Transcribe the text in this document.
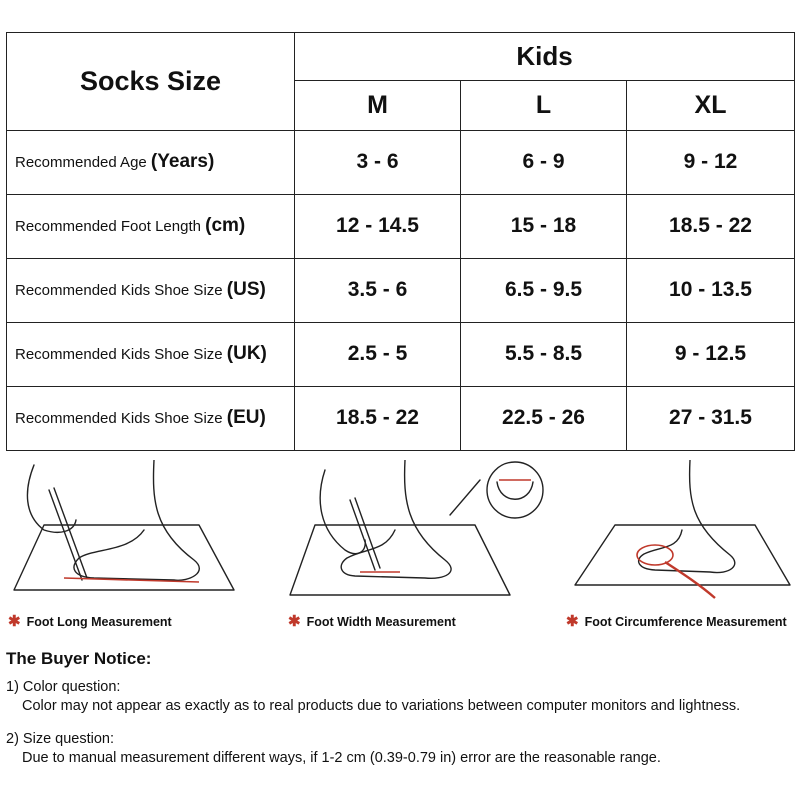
Socks Size	Kids		
	M	L	XL
Recommended Age (Years)	3 - 6	6 - 9	9 - 12
Recommended Foot Length (cm)	12 - 14.5	15 - 18	18.5 - 22
Recommended Kids Shoe Size (US)	3.5 - 6	6.5 - 9.5	10 - 13.5
Recommended Kids Shoe Size (UK)	2.5 - 5	5.5 - 8.5	9 - 12.5
Recommended Kids Shoe Size (EU)	18.5 - 22	22.5 - 26	27 - 31.5
✱ Foot Long Measurement	✱ Foot Width Measurement	✱ Foot Circumference Measurement
The Buyer Notice:
1) Color question:
Color may not appear as exactly as to real products due to variations between computer monitors and lightness.
2) Size question:
Due to manual measurement different ways, if 1-2 cm (0.39-0.79 in) error are the reasonable range.
